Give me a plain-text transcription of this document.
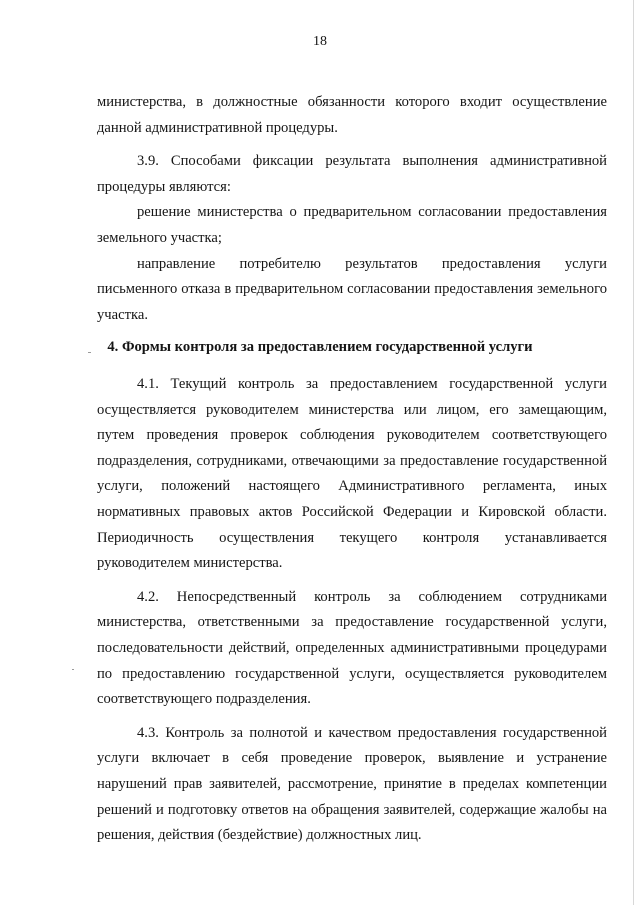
18

министерства, в должностные обязанности которого входит осуществление данной административной процедуры.

3.9. Способами фиксации результата выполнения административной процедуры являются:

решение министерства о предварительном согласовании предоставления земельного участка;

направление потребителю результатов предоставления услуги письменного отказа в предварительном согласовании предоставления земельного участка.

4. Формы контроля за предоставлением государственной услуги

4.1. Текущий контроль за предоставлением государственной услуги осуществляется руководителем министерства или лицом, его замещающим, путем проведения проверок соблюдения руководителем соответствующего подразделения, сотрудниками, отвечающими за предоставление государственной услуги, положений настоящего Административного регламента, иных нормативных правовых актов Российской Федерации и Кировской области. Периодичность осуществления текущего контроля устанавливается руководителем министерства.

4.2. Непосредственный контроль за соблюдением сотрудниками министерства, ответственными за предоставление государственной услуги, последовательности действий, определенных административными процедурами по предоставлению государственной услуги, осуществляется руководителем соответствующего подразделения.

4.3. Контроль за полнотой и качеством предоставления государственной услуги включает в себя проведение проверок, выявление и устранение нарушений прав заявителей, рассмотрение, принятие в пределах компетенции решений и подготовку ответов на обращения заявителей, содержащие жалобы на решения, действия (бездействие) должностных лиц.
